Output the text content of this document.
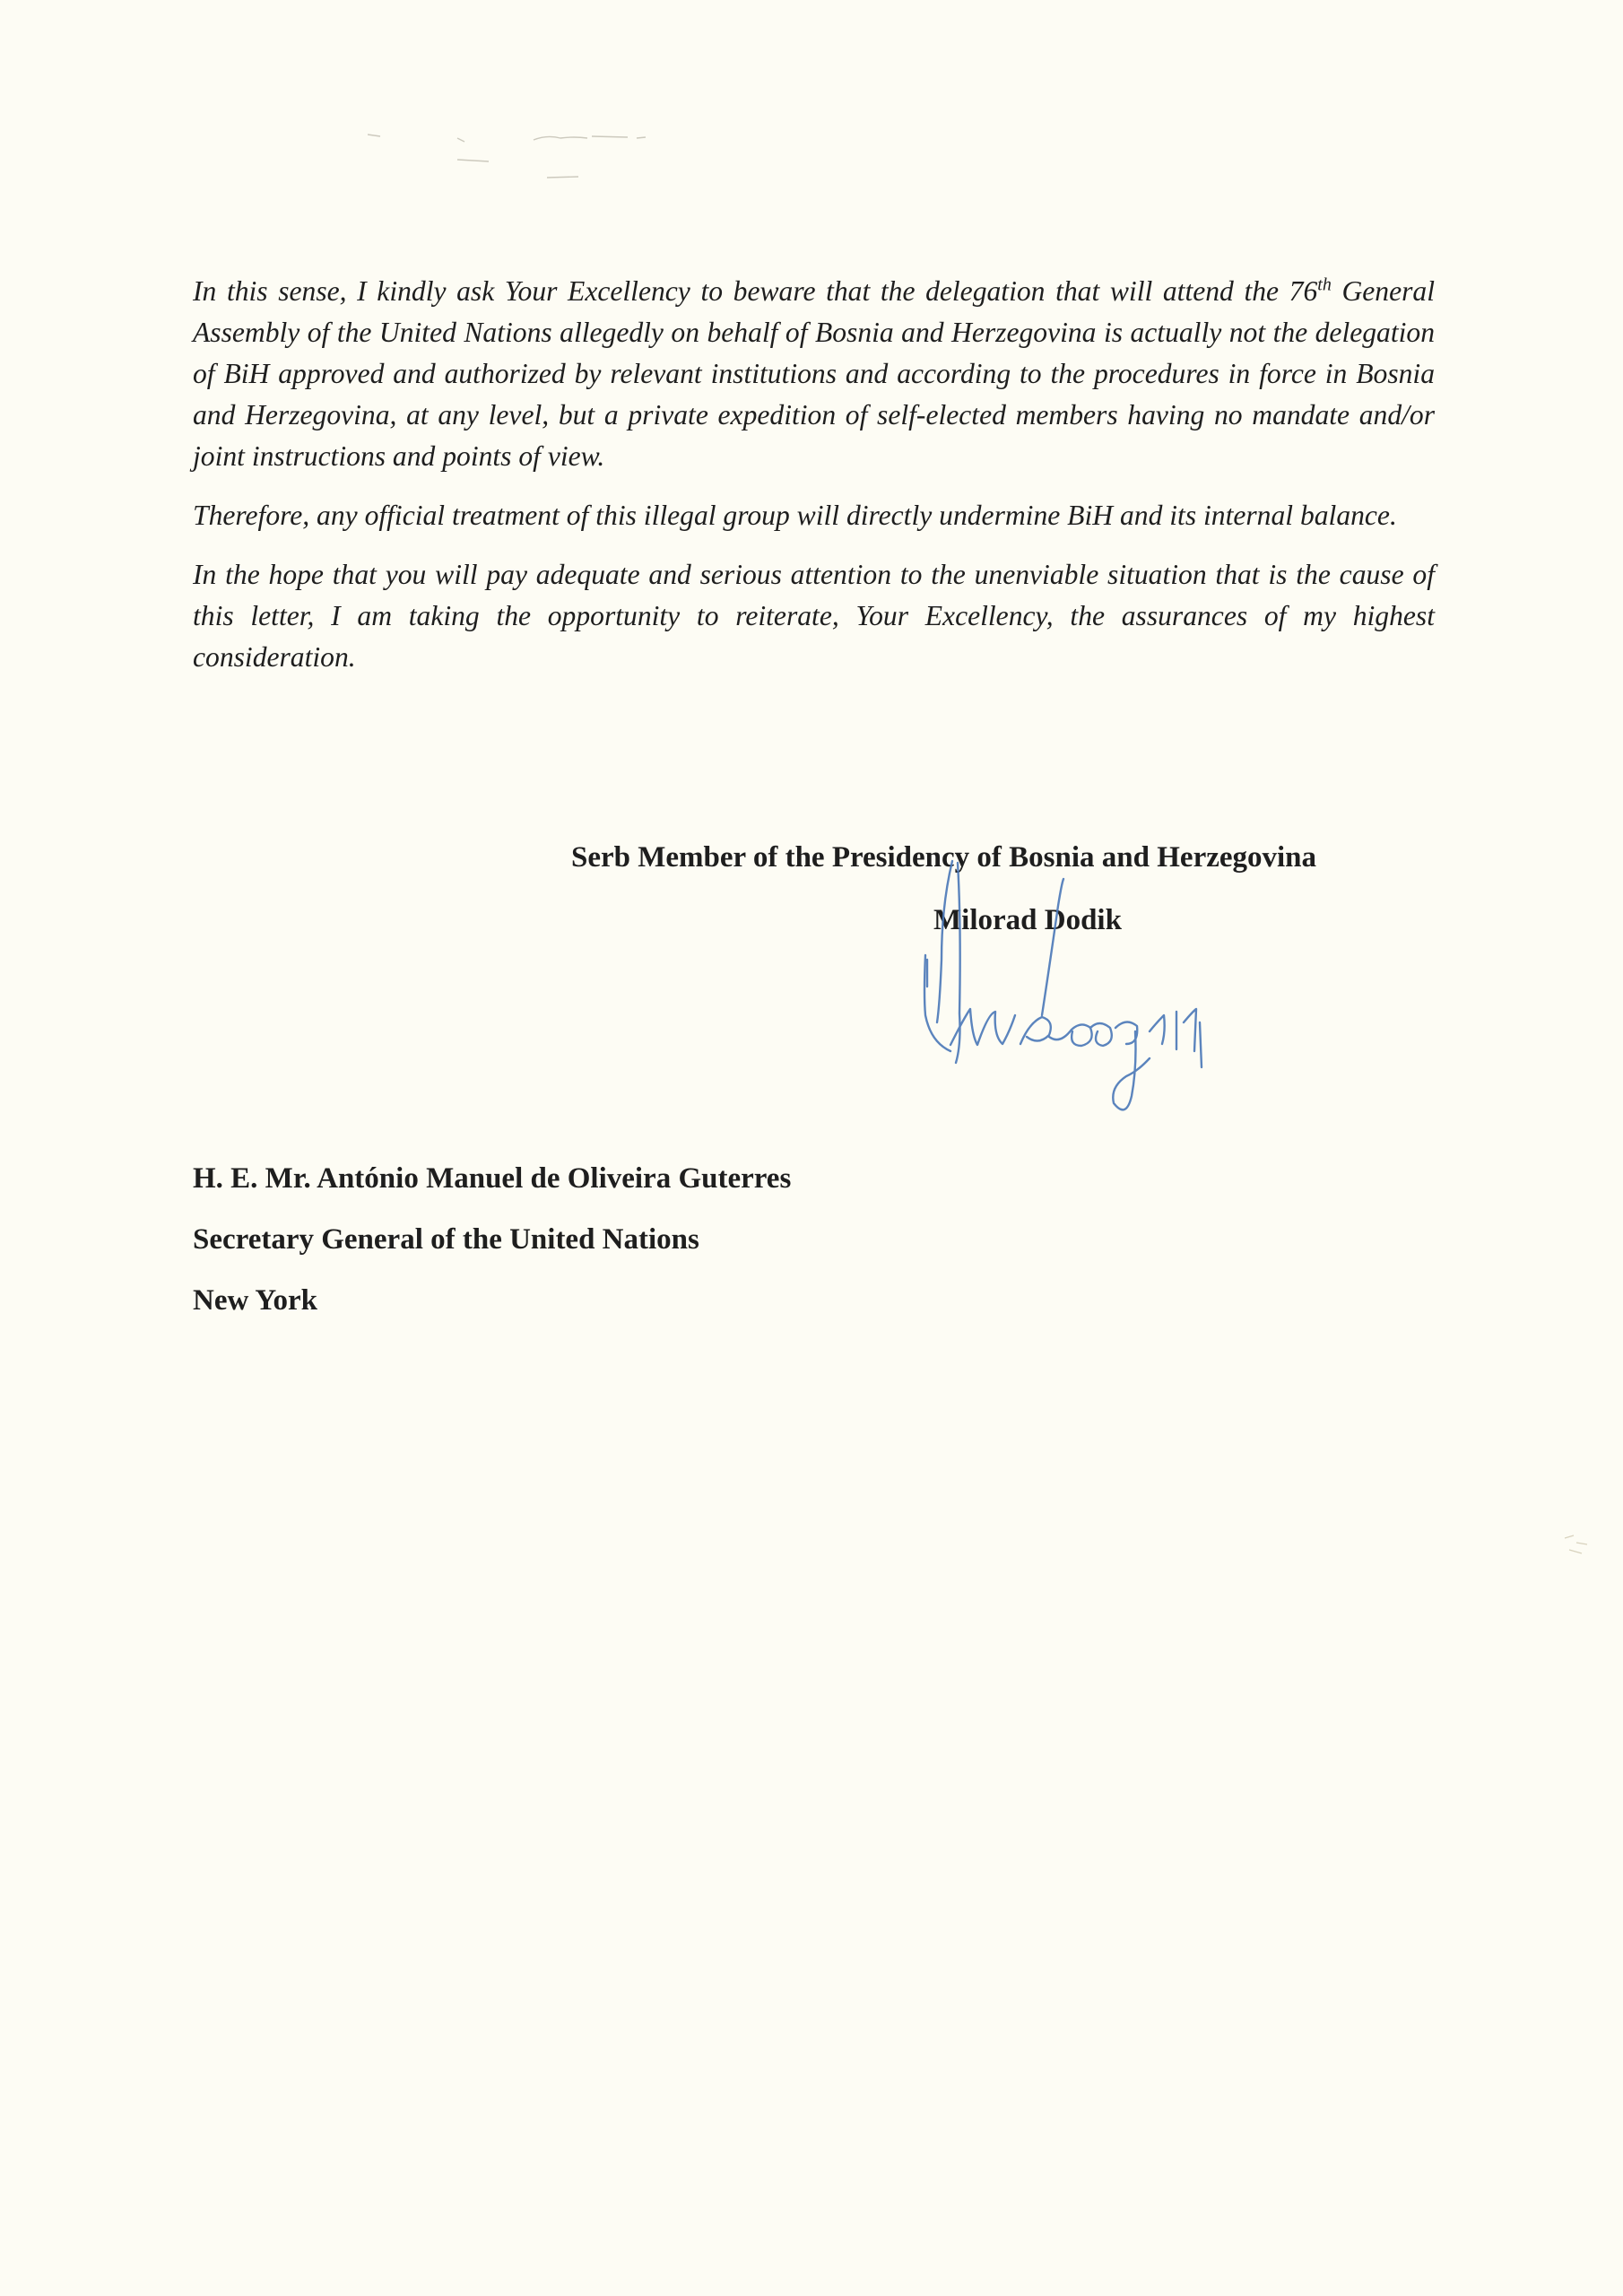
In this sense, I kindly ask Your Excellency to beware that the delegation that will attend the 76th General Assembly of the United Nations allegedly on behalf of Bosnia and Herzegovina is actually not the delegation of BiH approved and authorized by relevant institutions and according to the procedures in force in Bosnia and Herzegovina, at any level, but a private expedition of self-elected members having no mandate and/or joint instructions and points of view.

Therefore, any official treatment of this illegal group will directly undermine BiH and its internal balance.

In the hope that you will pay adequate and serious attention to the unenviable situation that is the cause of this letter, I am taking the opportunity to reiterate, Your Excellency, the assurances of my highest consideration.

Serb Member of the Presidency of Bosnia and Herzegovina
Milorad Dodik
H. E. Mr. António Manuel de Oliveira Guterres
Secretary General of the United Nations
New York
